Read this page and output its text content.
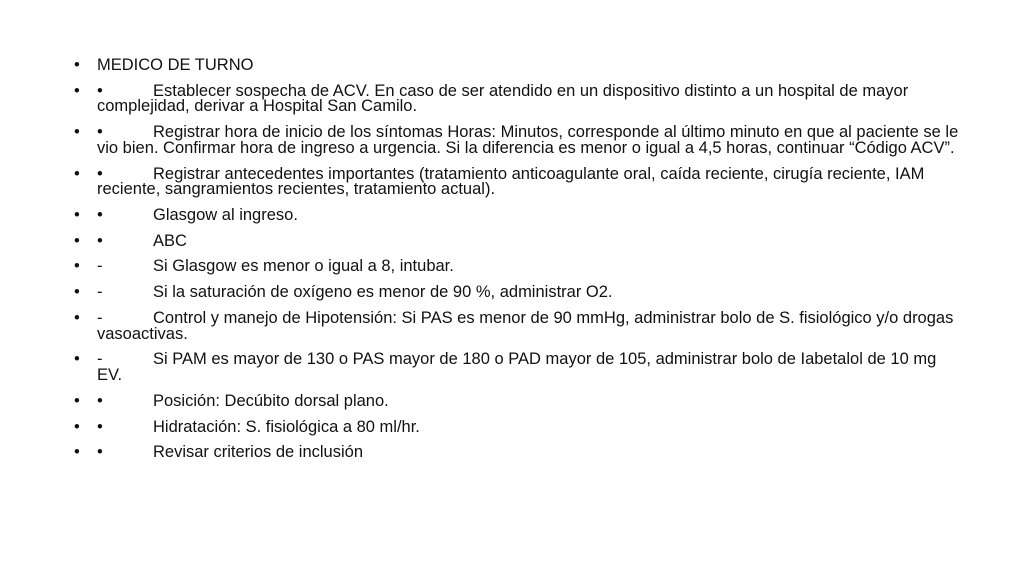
•	MEDICO DE TURNO
•	•	Establecer sospecha de ACV. En caso de ser atendido en un dispositivo distinto a un hospital de mayor complejidad, derivar a Hospital San Camilo.
•	•	Registrar hora de inicio de los síntomas Horas: Minutos, corresponde al último minuto en que al paciente se le vio bien. Confirmar hora de ingreso a urgencia. Si la diferencia es menor o igual a 4,5 horas, continuar “Código ACV”.
•	•	Registrar antecedentes importantes (tratamiento anticoagulante oral, caída reciente, cirugía reciente, IAM reciente, sangramientos recientes, tratamiento actual).
•	•	Glasgow al ingreso.
•	•	ABC
•	-	Si Glasgow es menor o igual a 8, intubar.
•	-	Si la saturación de oxígeno es menor de 90 %, administrar O2.
•	-	Control y manejo de Hipotensión: Si PAS es menor de 90 mmHg, administrar bolo de S. fisiológico y/o drogas vasoactivas.
•	-	Si PAM es mayor de 130 o PAS mayor de 180 o PAD mayor de 105, administrar bolo de Iabetalol de 10 mg EV.
•	•	Posición: Decúbito dorsal plano.
•	•	Hidratación: S. fisiológica a 80 ml/hr.
•	•	Revisar criterios de inclusión
